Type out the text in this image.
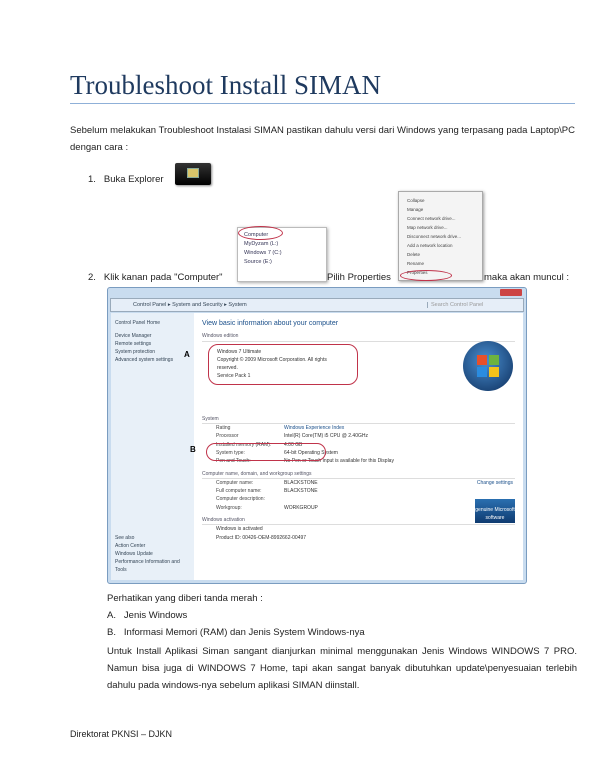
Troubleshoot Install SIMAN
Sebelum melakukan Troubleshoot Instalasi SIMAN pastikan dahulu versi dari Windows yang terpasang pada Laptop\PC dengan cara :
1. Buka Explorer
Computer
MyDyzam (L:)
Windows 7 (C:)
Source (E:)
Collapse
Manage
Connect network drive...
Map network drive...
Disconnect network drive...
Add a network location
Delete
Rename
Properties
2. Klik kanan pada "Computer"	Pilih Properties	maka akan muncul :
Control Panel ▸ System and Security ▸ System	Search Control Panel
Control Panel Home
Device Manager
Remote settings
System protection
Advanced system settings
See also
Action Center
Windows Update
Performance Information and Tools
View basic information about your computer
Windows edition
Windows 7 Ultimate
Copyright © 2009 Microsoft Corporation. All rights reserved.
Service Pack 1
System
Rating	Windows Experience Index
Processor	Intel(R) Core(TM) i5 CPU @ 2.40GHz
Installed memory (RAM):	4.00 GB
System type:	64-bit Operating System
Pen and Touch:	No Pen or Touch Input is available for this Display
Computer name, domain, and workgroup settings
Computer name:	BLACKSTONE
Full computer name:	BLACKSTONE
Computer description:
Workgroup:	WORKGROUP
Change settings
Windows activation
Windows is activated
Product ID: 00426-OEM-8992662-00497
genuine Microsoft software
A
B
Perhatikan yang diberi tanda merah :
A. Jenis Windows
B. Informasi Memori (RAM) dan Jenis System Windows-nya
Untuk Install Aplikasi Siman sangant dianjurkan minimal menggunakan Jenis Windows WINDOWS 7 PRO. Namun bisa juga di WINDOWS 7 Home, tapi akan sangat banyak dibutuhkan update\penyesuaian terlebih dahulu pada windows-nya sebelum aplikasi SIMAN diinstall.
Direktorat PKNSI – DJKN
